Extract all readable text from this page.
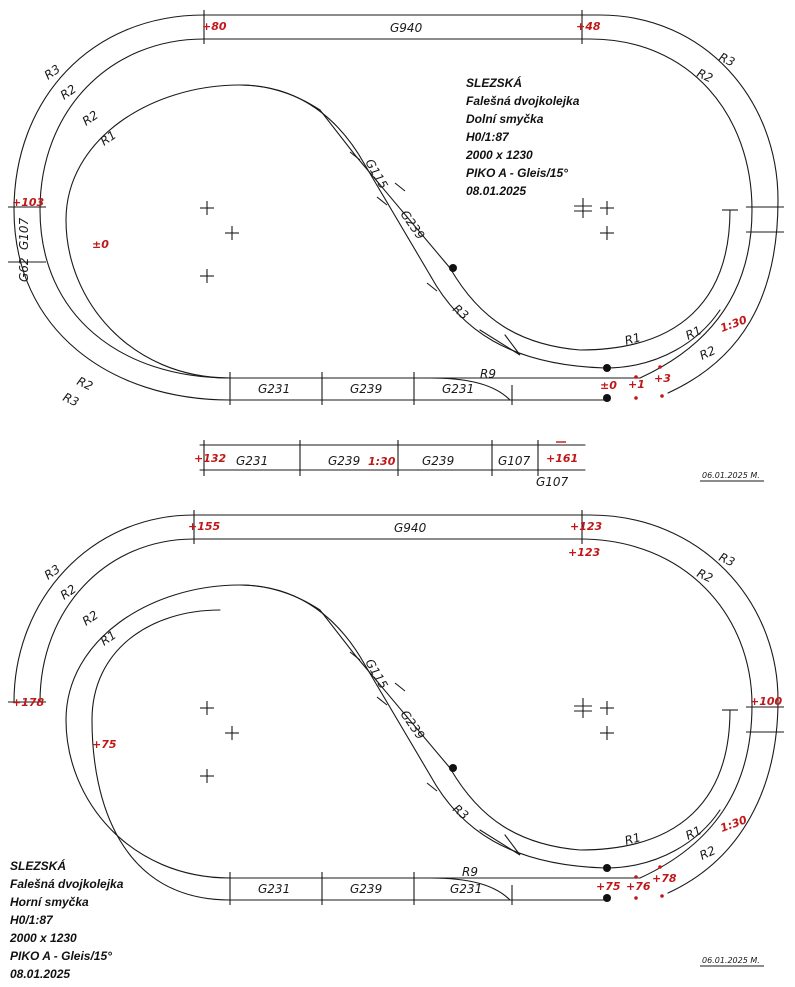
G940
R3
R2
R2
R1
R3
R2
G107
G62
G115
G239
R3
R1	R1
R2
R9
G231	G239	G231
R2
R3
G231	G239	G239	G107
G107
+80	+48
+103
±0
1:30
±0 +1 +3
+132	1:30	+161
06.01.2025 M.
G940
R3
R2
R2
R1
R3
R2
G115
G239
R3
R1	R1
R2
R9
G231	G239	G231
+155	+123
+123
+178
+75
+100
1:30
+75 +76
+78
06.01.2025 M.
SLEZSKÁ
Falešná dvojkolejka
Dolní smyčka
H0/1:87
2000 x 1230
PIKO A - Gleis/15°
08.01.2025
SLEZSKÁ
Falešná dvojkolejka
Horní smyčka
H0/1:87
2000 x 1230
PIKO A - Gleis/15°
08.01.2025
